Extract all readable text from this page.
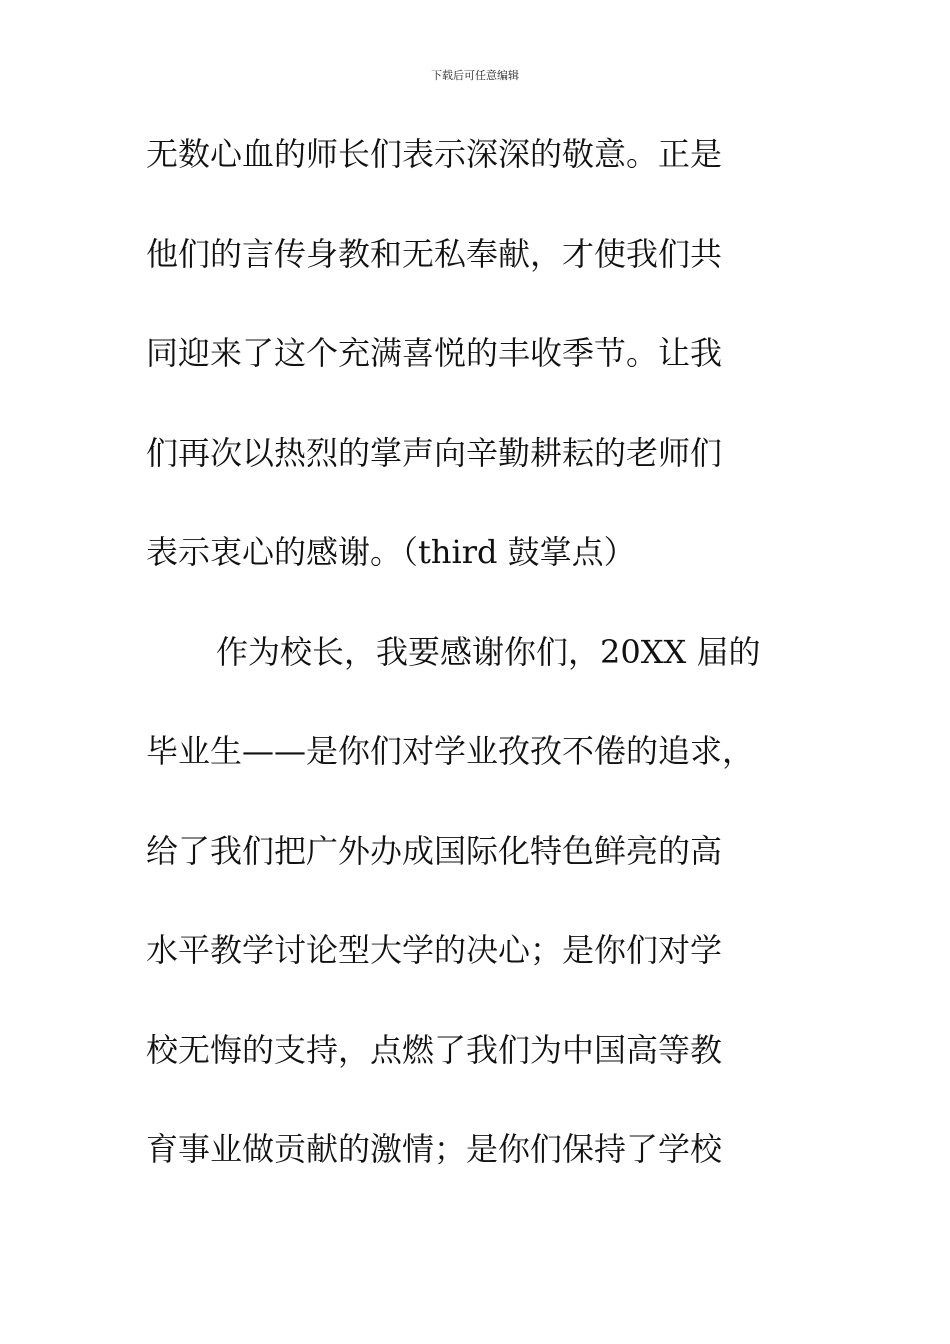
下载后可任意编辑
无数心血的师长们表示深深的敬意。正是
他们的言传身教和无私奉献，才使我们共
同迎来了这个充满喜悦的丰收季节。让我
们再次以热烈的掌声向辛勤耕耘的老师们
表示衷心的感谢。（third 鼓掌点）
作为校长，我要感谢你们，20XX 届的
毕业生——是你们对学业孜孜不倦的追求，
给了我们把广外办成国际化特色鲜亮的高
水平教学讨论型大学的决心；是你们对学
校无悔的支持，点燃了我们为中国高等教
育事业做贡献的激情；是你们保持了学校
